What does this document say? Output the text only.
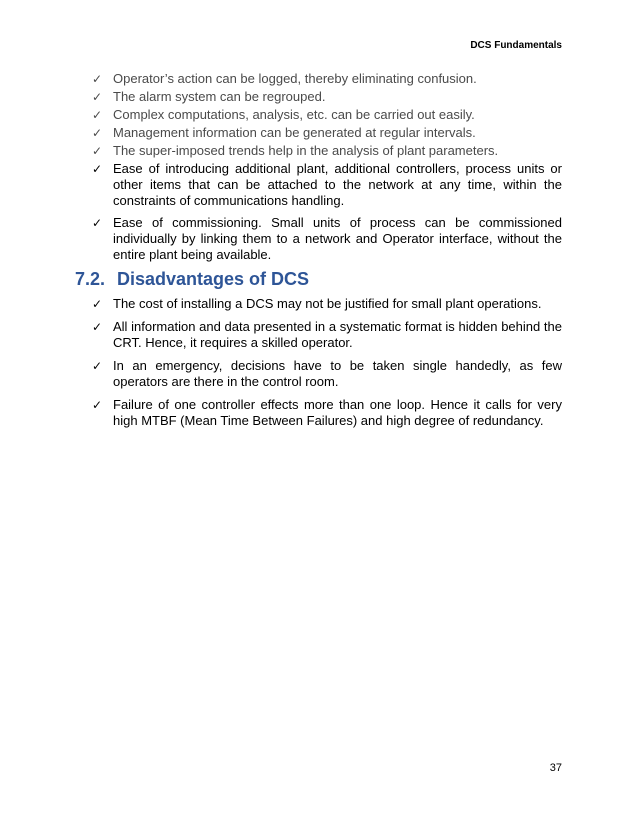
DCS Fundamentals
✓ Operator’s action can be logged, thereby eliminating confusion.
✓ The alarm system can be regrouped.
✓ Complex computations, analysis, etc. can be carried out easily.
✓ Management information can be generated at regular intervals.
✓ The super-imposed trends help in the analysis of plant parameters.
✓ Ease of introducing additional plant, additional controllers, process units or other items that can be attached to the network at any time, within the constraints of communications handling.
✓ Ease of commissioning. Small units of process can be commissioned individually by linking them to a network and Operator interface, without the entire plant being available.
7.2. Disadvantages of DCS
✓ The cost of installing a DCS may not be justified for small plant operations.
✓ All information and data presented in a systematic format is hidden behind the CRT. Hence, it requires a skilled operator.
✓ In an emergency, decisions have to be taken single handedly, as few operators are there in the control room.
✓ Failure of one controller effects more than one loop. Hence it calls for very high MTBF (Mean Time Between Failures) and high degree of redundancy.
37
